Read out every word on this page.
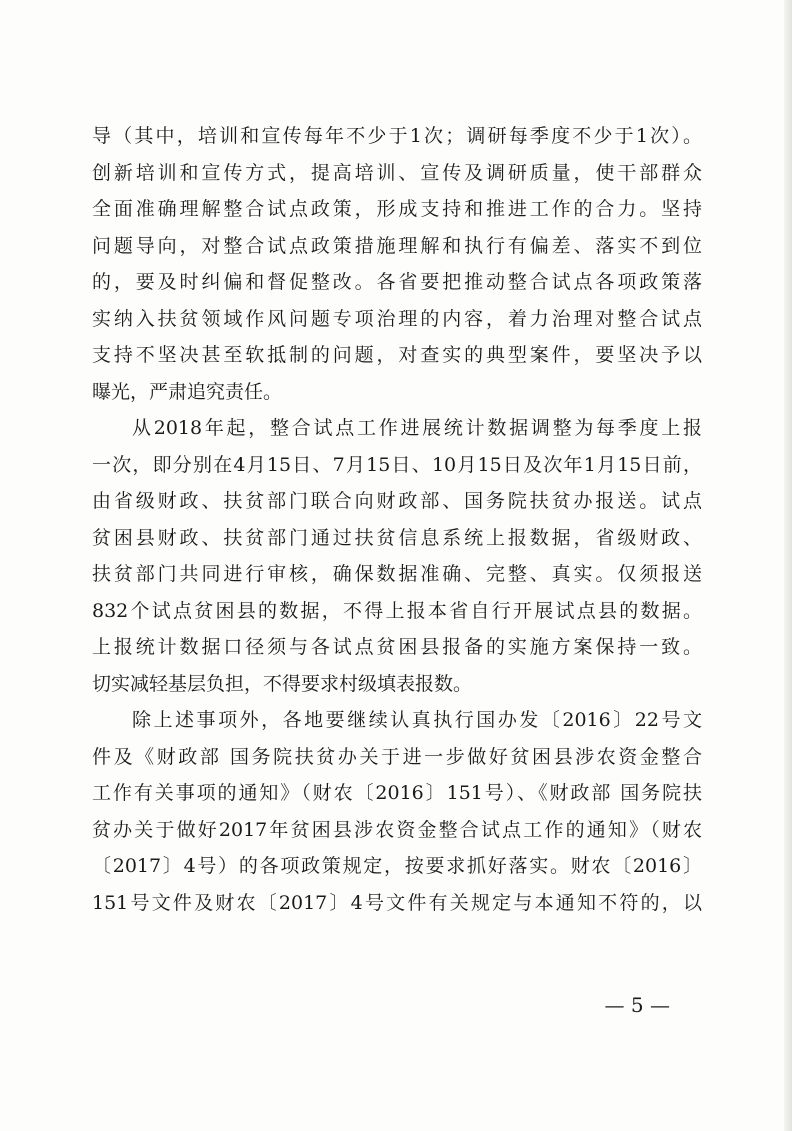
导（其中，培训和宣传每年不少于1次；调研每季度不少于1次）。
创新培训和宣传方式，提高培训、宣传及调研质量，使干部群众
全面准确理解整合试点政策，形成支持和推进工作的合力。坚持
问题导向，对整合试点政策措施理解和执行有偏差、落实不到位
的，要及时纠偏和督促整改。各省要把推动整合试点各项政策落
实纳入扶贫领域作风问题专项治理的内容，着力治理对整合试点
支持不坚决甚至软抵制的问题，对查实的典型案件，要坚决予以
曝光，严肃追究责任。
从2018年起，整合试点工作进展统计数据调整为每季度上报
一次，即分别在4月15日、7月15日、10月15日及次年1月15日前，
由省级财政、扶贫部门联合向财政部、国务院扶贫办报送。试点
贫困县财政、扶贫部门通过扶贫信息系统上报数据，省级财政、
扶贫部门共同进行审核，确保数据准确、完整、真实。仅须报送
832个试点贫困县的数据，不得上报本省自行开展试点县的数据。
上报统计数据口径须与各试点贫困县报备的实施方案保持一致。
切实减轻基层负担，不得要求村级填表报数。
除上述事项外，各地要继续认真执行国办发〔2016〕22号文
件及《财政部 国务院扶贫办关于进一步做好贫困县涉农资金整合
工作有关事项的通知》（财农〔2016〕151号）、《财政部 国务院扶
贫办关于做好2017年贫困县涉农资金整合试点工作的通知》（财农
〔2017〕4号）的各项政策规定，按要求抓好落实。财农〔2016〕
151号文件及财农〔2017〕4号文件有关规定与本通知不符的，以
— 5 —
